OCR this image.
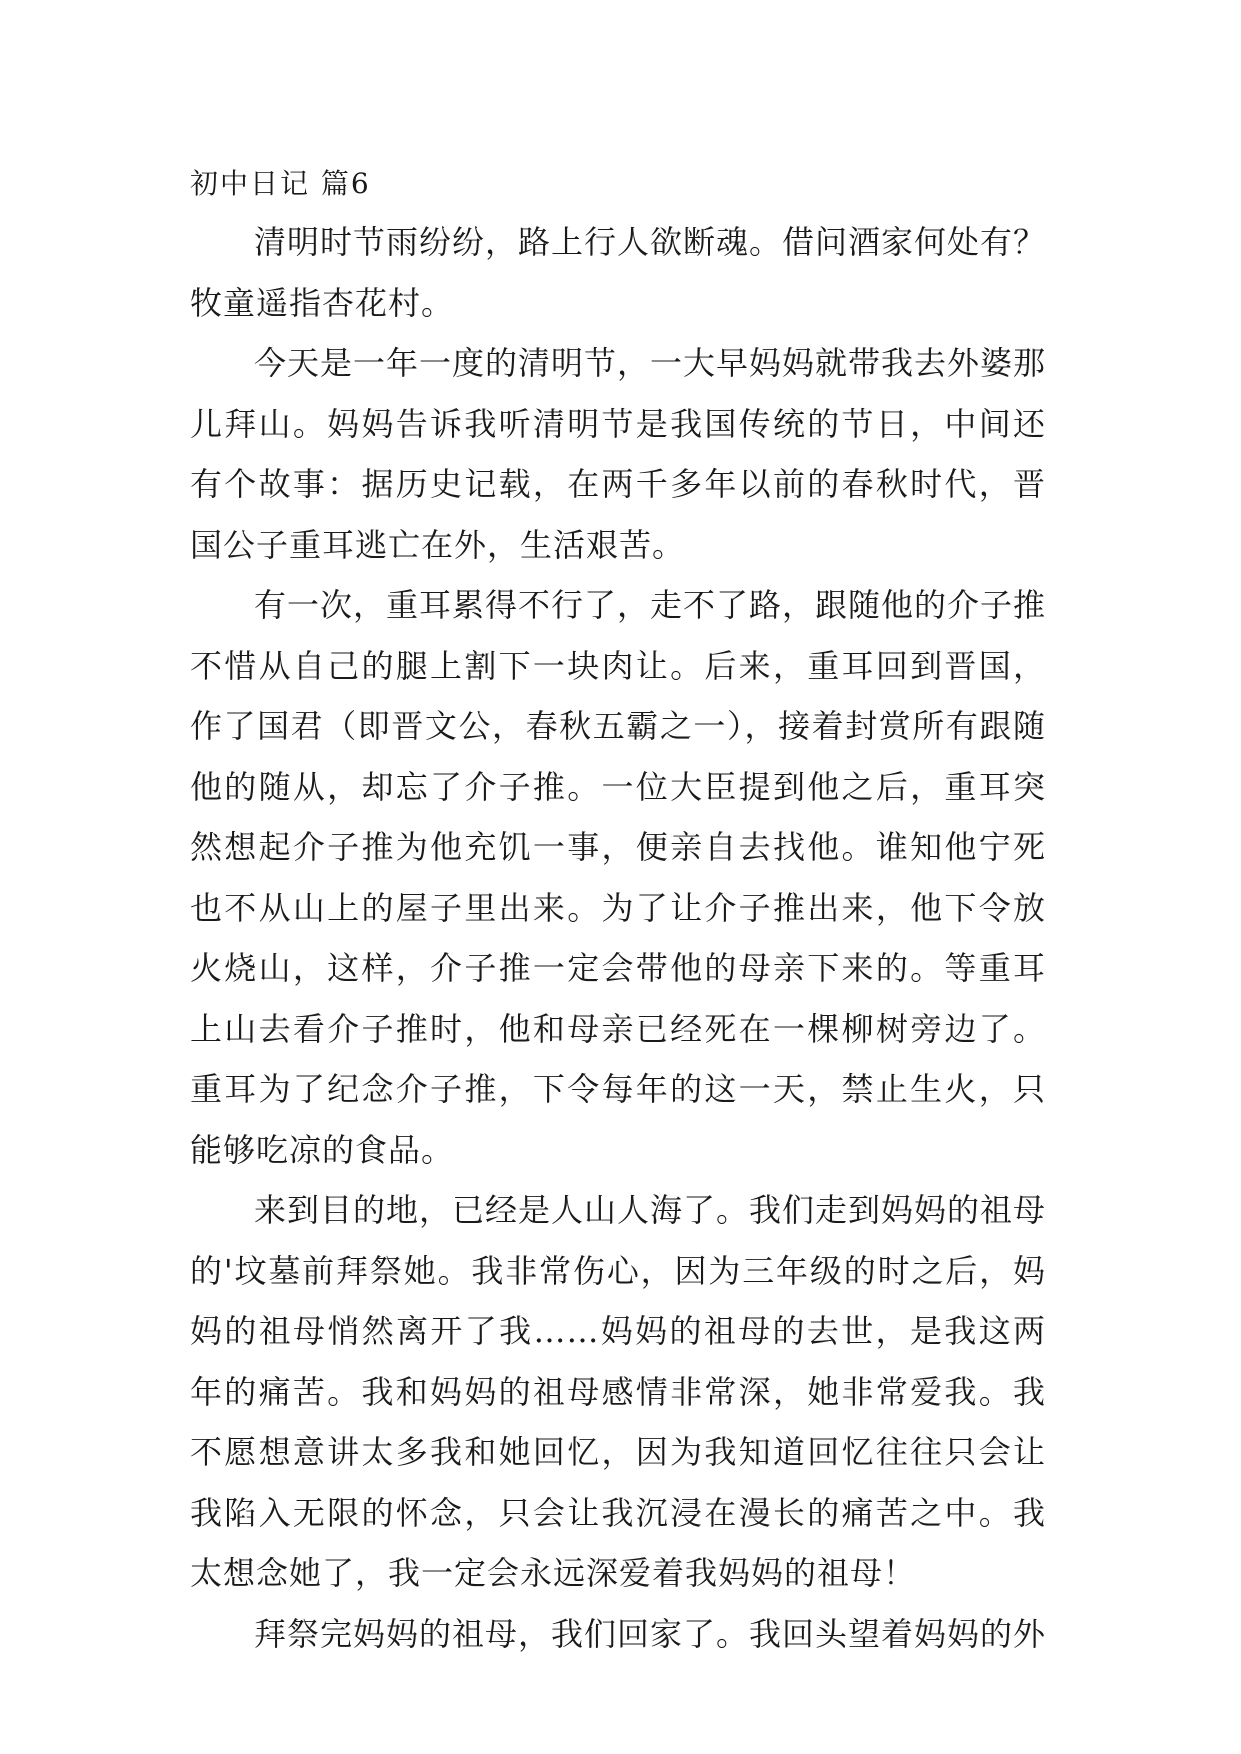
初中日记 篇6

清明时节雨纷纷，路上行人欲断魂。借问酒家何处有？牧童遥指杏花村。

今天是一年一度的清明节，一大早妈妈就带我去外婆那儿拜山。妈妈告诉我听清明节是我国传统的节日，中间还有个故事：据历史记载，在两千多年以前的春秋时代，晋国公子重耳逃亡在外，生活艰苦。

有一次，重耳累得不行了，走不了路，跟随他的介子推不惜从自己的腿上割下一块肉让。后来，重耳回到晋国，作了国君（即晋文公，春秋五霸之一），接着封赏所有跟随他的随从，却忘了介子推。一位大臣提到他之后，重耳突然想起介子推为他充饥一事，便亲自去找他。谁知他宁死也不从山上的屋子里出来。为了让介子推出来，他下令放火烧山，这样，介子推一定会带他的母亲下来的。等重耳上山去看介子推时，他和母亲已经死在一棵柳树旁边了。重耳为了纪念介子推，下令每年的这一天，禁止生火，只能够吃凉的食品。

来到目的地，已经是人山人海了。我们走到妈妈的祖母的'坟墓前拜祭她。我非常伤心，因为三年级的时之后，妈妈的祖母悄然离开了我……妈妈的祖母的去世，是我这两年的痛苦。我和妈妈的祖母感情非常深，她非常爱我。我不愿想意讲太多我和她回忆，因为我知道回忆往往只会让我陷入无限的怀念，只会让我沉浸在漫长的痛苦之中。我太想念她了，我一定会永远深爱着我妈妈的祖母！

拜祭完妈妈的祖母，我们回家了。我回头望着妈妈的外
